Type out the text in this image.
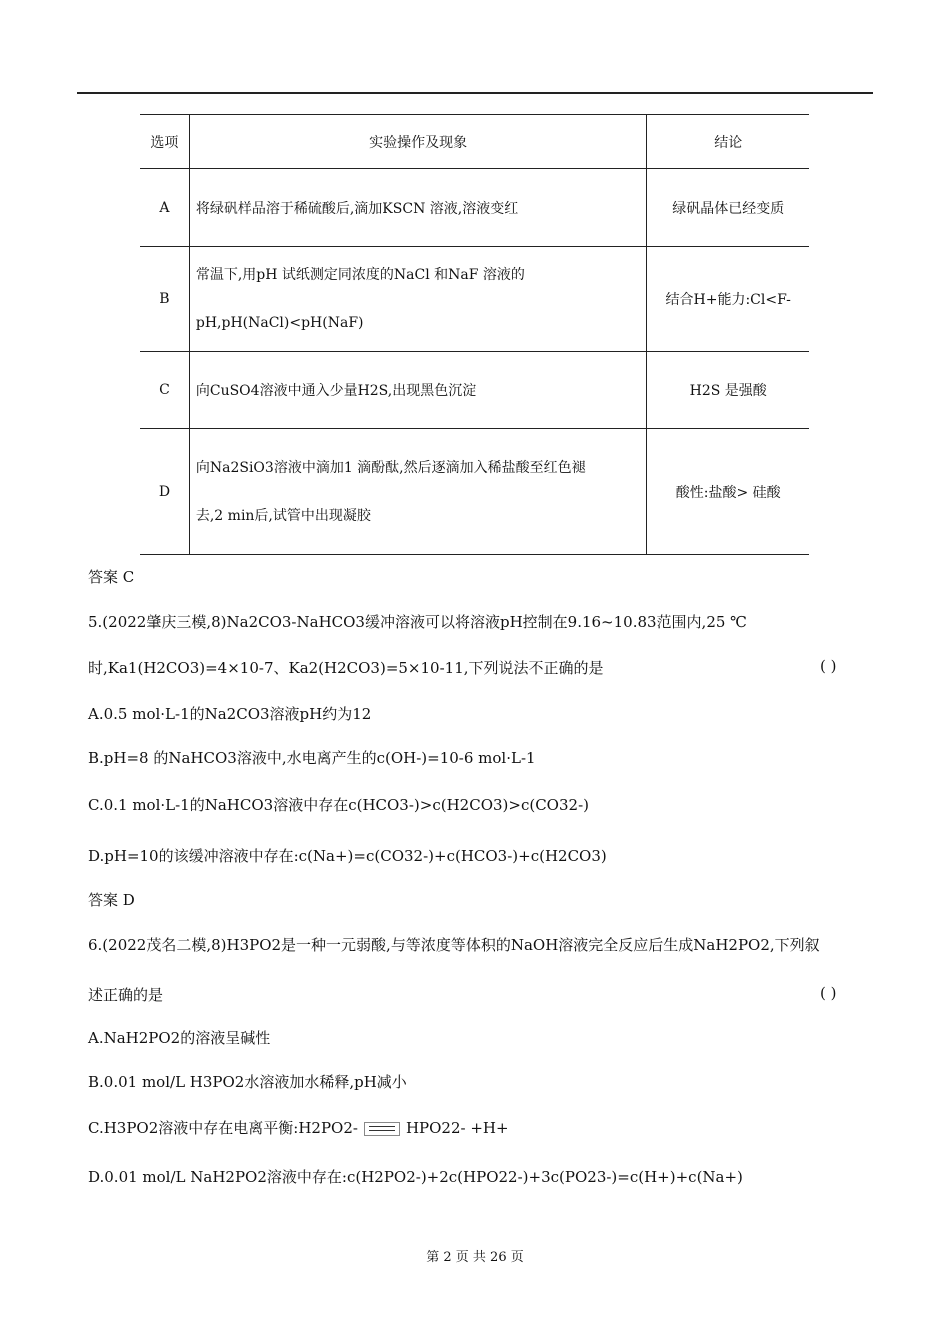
选项	实验操作及现象	结论
A	将绿矾样品溶于稀硫酸后,滴加KSCN 溶液,溶液变红	绿矾晶体已经变质
B	常温下,用pH 试纸测定同浓度的NaCl 和NaF 溶液的
pH,pH(NaCl)<pH(NaF)	结合H+能力:Cl<F-
C	向CuSO4溶液中通入少量H2S,出现黑色沉淀	H2S 是强酸
D	向Na2SiO3溶液中滴加1 滴酚酞,然后逐滴加入稀盐酸至红色褪
去,2 min后,试管中出现凝胶	酸性:盐酸> 硅酸
答案 C
5.(2022肇庆三模,8)Na2CO3-NaHCO3缓冲溶液可以将溶液pH控制在9.16~10.83范围内,25 ℃
时,Ka1(H2CO3)=4×10-7、Ka2(H2CO3)=5×10-11,下列说法不正确的是	( )
A.0.5 mol·L-1的Na2CO3溶液pH约为12
B.pH=8 的NaHCO3溶液中,水电离产生的c(OH-)=10-6 mol·L-1
C.0.1 mol·L-1的NaHCO3溶液中存在c(HCO3-)>c(H2CO3)>c(CO32-)
D.pH=10的该缓冲溶液中存在:c(Na+)=c(CO32-)+c(HCO3-)+c(H2CO3)
答案 D
6.(2022茂名二模,8)H3PO2是一种一元弱酸,与等浓度等体积的NaOH溶液完全反应后生成NaH2PO2,下列叙
述正确的是	( )
A.NaH2PO2的溶液呈碱性
B.0.01 mol/L H3PO2水溶液加水稀释,pH减小
C.H3PO2溶液中存在电离平衡:H2PO2-	HPO22- +H+
D.0.01 mol/L NaH2PO2溶液中存在:c(H2PO2-)+2c(HPO22-)+3c(PO23-)=c(H+)+c(Na+)
第 2 页 共 26 页
